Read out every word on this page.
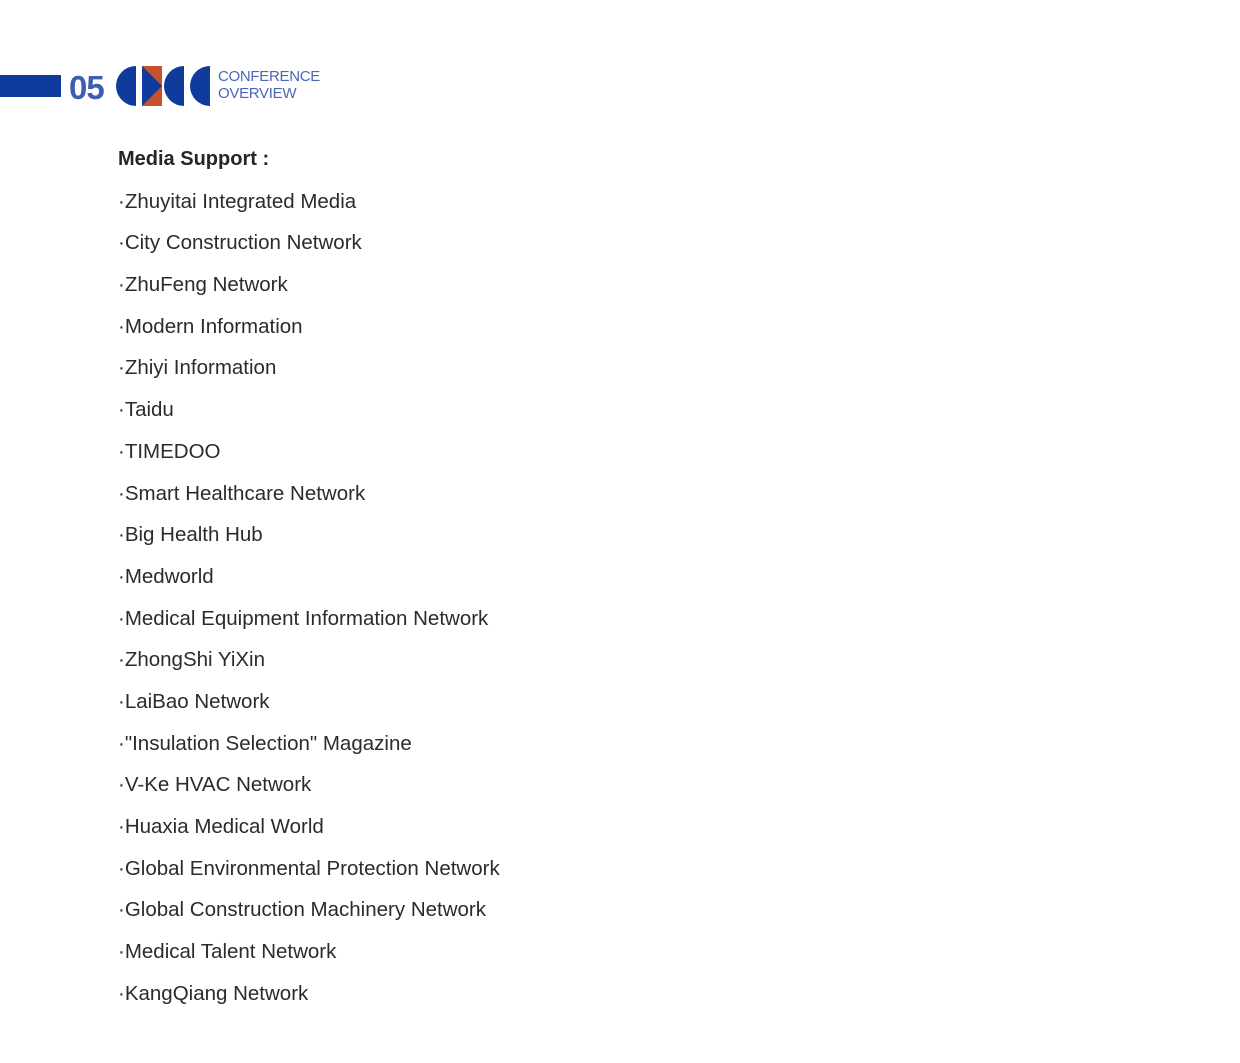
05	CONFERENCE
OVERVIEW
Media Support :
·Zhuyitai Integrated Media
·City Construction Network
·ZhuFeng Network
·Modern Information
·Zhiyi Information
·Taidu
·TIMEDOO
·Smart Healthcare Network
·Big Health Hub
·Medworld
·Medical Equipment Information Network
·ZhongShi YiXin
·LaiBao Network
·"Insulation Selection" Magazine
·V-Ke HVAC Network
·Huaxia Medical World
·Global Environmental Protection Network
·Global Construction Machinery Network
·Medical Talent Network
·KangQiang Network
